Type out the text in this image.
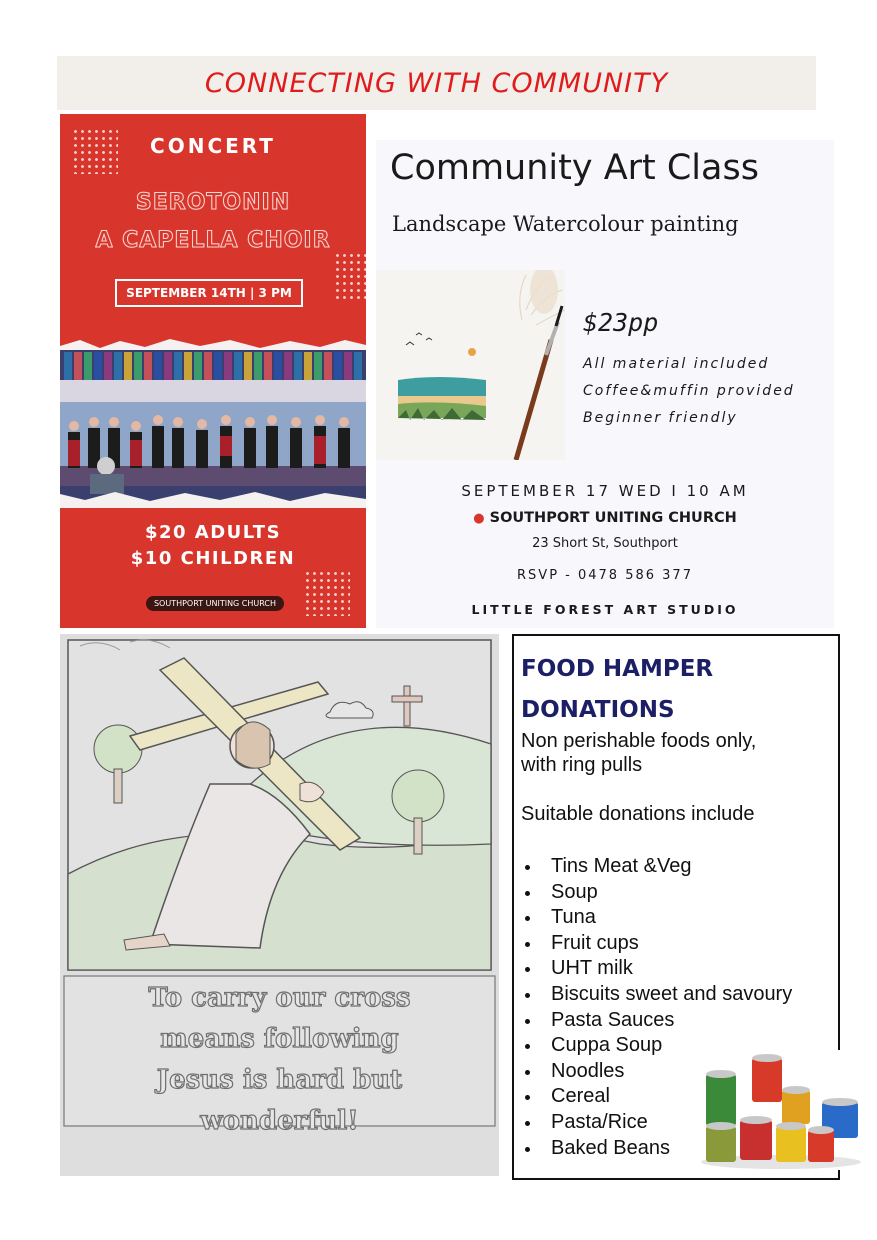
CONNECTING WITH COMMUNITY
CONCERT
SEROTONIN
A CAPELLA CHOIR
SEPTEMBER 14TH | 3 PM
$20 ADULTS
$10 CHILDREN
SOUTHPORT UNITING CHURCH
Community Art Class
Landscape Watercolour painting
$23pp
All material included
Coffee&muffin provided
Beginner friendly
SEPTEMBER 17 WED I 10 AM
● SOUTHPORT UNITING CHURCH
23 Short St, Southport
RSVP - 0478 586 377
LITTLE FOREST ART STUDIO
To carry our cross
means following
Jesus is hard but
wonderful!
FOOD HAMPER
DONATIONS
Non perishable foods only,
with ring pulls
Suitable donations include
Tins Meat &Veg
Soup
Tuna
Fruit cups
UHT milk
Biscuits sweet and savoury
Pasta Sauces
Cuppa Soup
Noodles
Cereal
Pasta/Rice
Baked Beans
